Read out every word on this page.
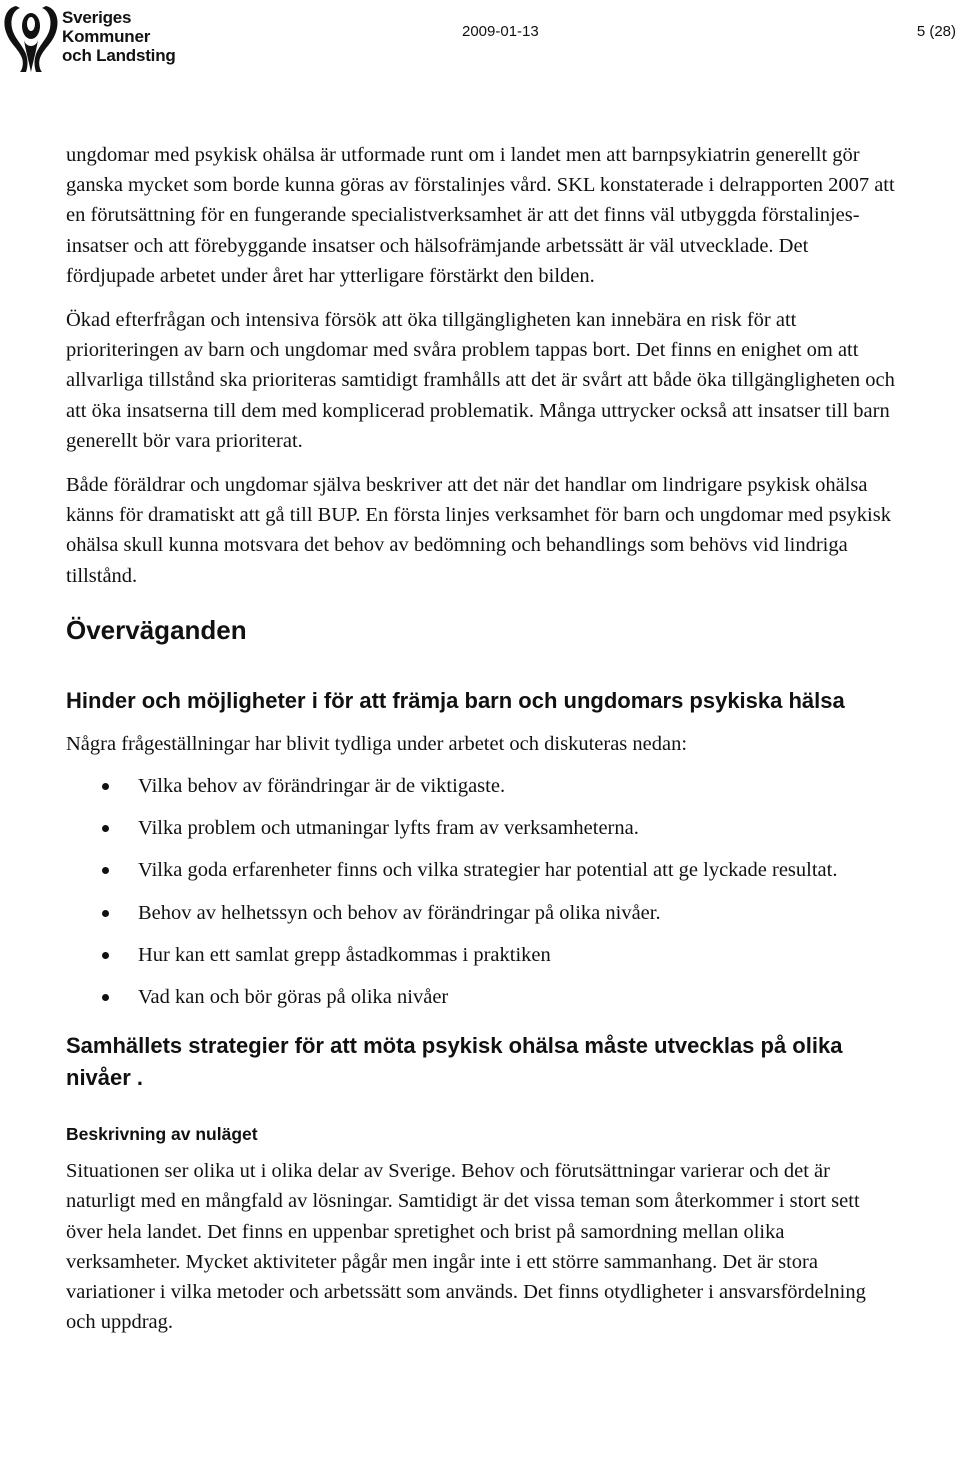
Sveriges
Kommuner
och Landsting
2009-01-13	5 (28)

ungdomar med psykisk ohälsa är utformade runt om i landet men att barnpsykiatrin generellt gör ganska mycket som borde kunna göras av förstalinjes vård. SKL konstaterade i delrapporten 2007 att en förutsättning för en fungerande specialistverksamhet är att det finns väl utbyggda förstalinjes-insatser och att förebyggande insatser och hälsofrämjande arbetssätt är väl utvecklade. Det fördjupade arbetet under året har ytterligare förstärkt den bilden.

Ökad efterfrågan och intensiva försök att öka tillgängligheten kan innebära en risk för att prioriteringen av barn och ungdomar med svåra problem tappas bort. Det finns en enighet om att allvarliga tillstånd ska prioriteras samtidigt framhålls att det är svårt att både öka tillgängligheten och att öka insatserna till dem med komplicerad problematik. Många uttrycker också att insatser till barn generellt bör vara prioriterat.

Både föräldrar och ungdomar själva beskriver att det när det handlar om lindrigare psykisk ohälsa känns för dramatiskt att gå till BUP. En första linjes verksamhet för barn och ungdomar med psykisk ohälsa skull kunna motsvara det behov av bedömning och behandlings som behövs vid lindriga tillstånd.

Överväganden
Hinder och möjligheter i för att främja barn och ungdomars psykiska hälsa

Några frågeställningar har blivit tydliga under arbetet och diskuteras nedan:

Vilka behov av förändringar är de viktigaste.
Vilka problem och utmaningar lyfts fram av verksamheterna.
Vilka goda erfarenheter finns och vilka strategier har potential att ge lyckade resultat.
Behov av helhetssyn och behov av förändringar på olika nivåer.
Hur kan ett samlat grepp åstadkommas i praktiken
Vad kan och bör göras på olika nivåer
Samhällets strategier för att möta psykisk ohälsa måste utvecklas på olika nivåer .
Beskrivning av nuläget

Situationen ser olika ut i olika delar av Sverige. Behov och förutsättningar varierar och det är naturligt med en mångfald av lösningar. Samtidigt är det vissa teman som återkommer i stort sett över hela landet. Det finns en uppenbar spretighet och brist på samordning mellan olika verksamheter. Mycket aktiviteter pågår men ingår inte i ett större sammanhang. Det är stora variationer i vilka metoder och arbetssätt som används. Det finns otydligheter i ansvarsfördelning och uppdrag.
